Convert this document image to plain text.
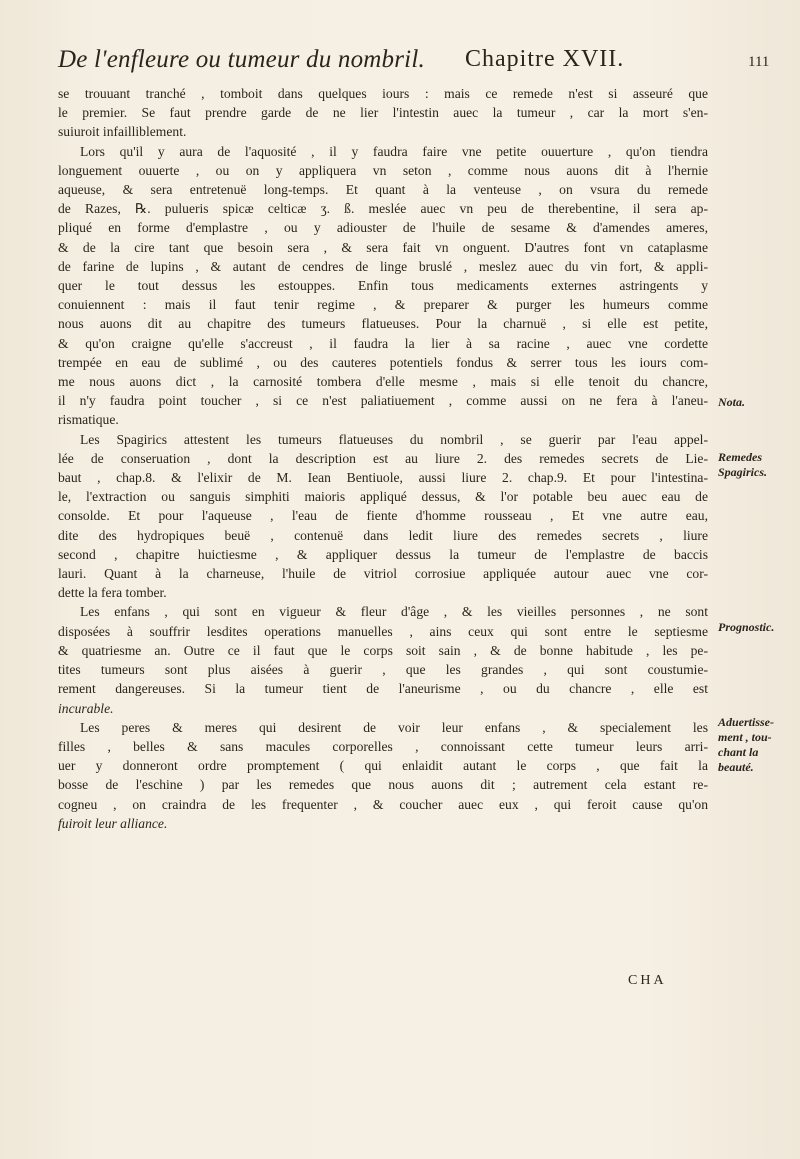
De l'enfleure ou tumeur du nombril. Chapitre XVII.	111
se trouuant tranché , tomboit dans quelques iours : mais ce remede n'est si asseuré que
le premier. Se faut prendre garde de ne lier l'intestin auec la tumeur , car la mort s'en-
suiuroit infailliblement.
Lors qu'il y aura de l'aquosité , il y faudra faire vne petite ouuerture , qu'on tiendra
longuement ouuerte , ou on y appliquera vn seton , comme nous auons dit à l'hernie
aqueuse, & sera entretenuë long-temps. Et quant à la venteuse , on vsura du remede
de Razes, ℞. pulueris spicæ celticæ ʒ. ß. meslée auec vn peu de therebentine, il sera ap-
pliqué en forme d'emplastre , ou y adiouster de l'huile de sesame & d'amendes ameres,
& de la cire tant que besoin sera , & sera fait vn onguent. D'autres font vn cataplasme
de farine de lupins , & autant de cendres de linge bruslé , meslez auec du vin fort, & appli-
quer le tout dessus les estouppes. Enfin tous medicaments externes astringents y
conuiennent : mais il faut tenir regime , & preparer & purger les humeurs comme
nous auons dit au chapitre des tumeurs flatueuses. Pour la charnuë , si elle est petite,
& qu'on craigne qu'elle s'accreust , il faudra la lier à sa racine , auec vne cordette
trempée en eau de sublimé , ou des cauteres potentiels fondus & serrer tous les iours com-
me nous auons dict , la carnosité tombera d'elle mesme , mais si elle tenoit du chancre,
il n'y faudra point toucher , si ce n'est paliatiuement , comme aussi on ne fera à l'aneu-
rismatique.
Les Spagirics attestent les tumeurs flatueuses du nombril , se guerir par l'eau appel-
lée de conseruation , dont la description est au liure 2. des remedes secrets de Lie-
baut , chap.8. & l'elixir de M. Iean Bentiuole, aussi liure 2. chap.9. Et pour l'intestina-
le, l'extraction ou sanguis simphiti maioris appliqué dessus, & l'or potable beu auec eau de
consolde. Et pour l'aqueuse , l'eau de fiente d'homme rousseau , Et vne autre eau,
dite des hydropiques beuë , contenuë dans ledit liure des remedes secrets , liure
second , chapitre huictiesme , & appliquer dessus la tumeur de l'emplastre de baccis
lauri. Quant à la charneuse, l'huile de vitriol corrosiue appliquée autour auec vne cor-
dette la fera tomber.
Les enfans , qui sont en vigueur & fleur d'âge , & les vieilles personnes , ne sont
disposées à souffrir lesdites operations manuelles , ains ceux qui sont entre le septiesme
& quatriesme an. Outre ce il faut que le corps soit sain , & de bonne habitude , les pe-
tites tumeurs sont plus aisées à guerir , que les grandes , qui sont coustumie-
rement dangereuses. Si la tumeur tient de l'aneurisme , ou du chancre , elle est
incurable.
Les peres & meres qui desirent de voir leur enfans , & specialement les
filles , belles & sans macules corporelles , connoissant cette tumeur leurs arri-
uer y donneront ordre promptement ( qui enlaidit autant le corps , que fait la
bosse de l'eschine ) par les remedes que nous auons dit ; autrement cela estant re-
cogneu , on craindra de les frequenter , & coucher auec eux , qui feroit cause qu'on
fuiroit leur alliance.
Nota.
Remedes
Spagirics.
Prognostic.
Aduertisse-
ment , tou-
chant la
beauté.
CHA
